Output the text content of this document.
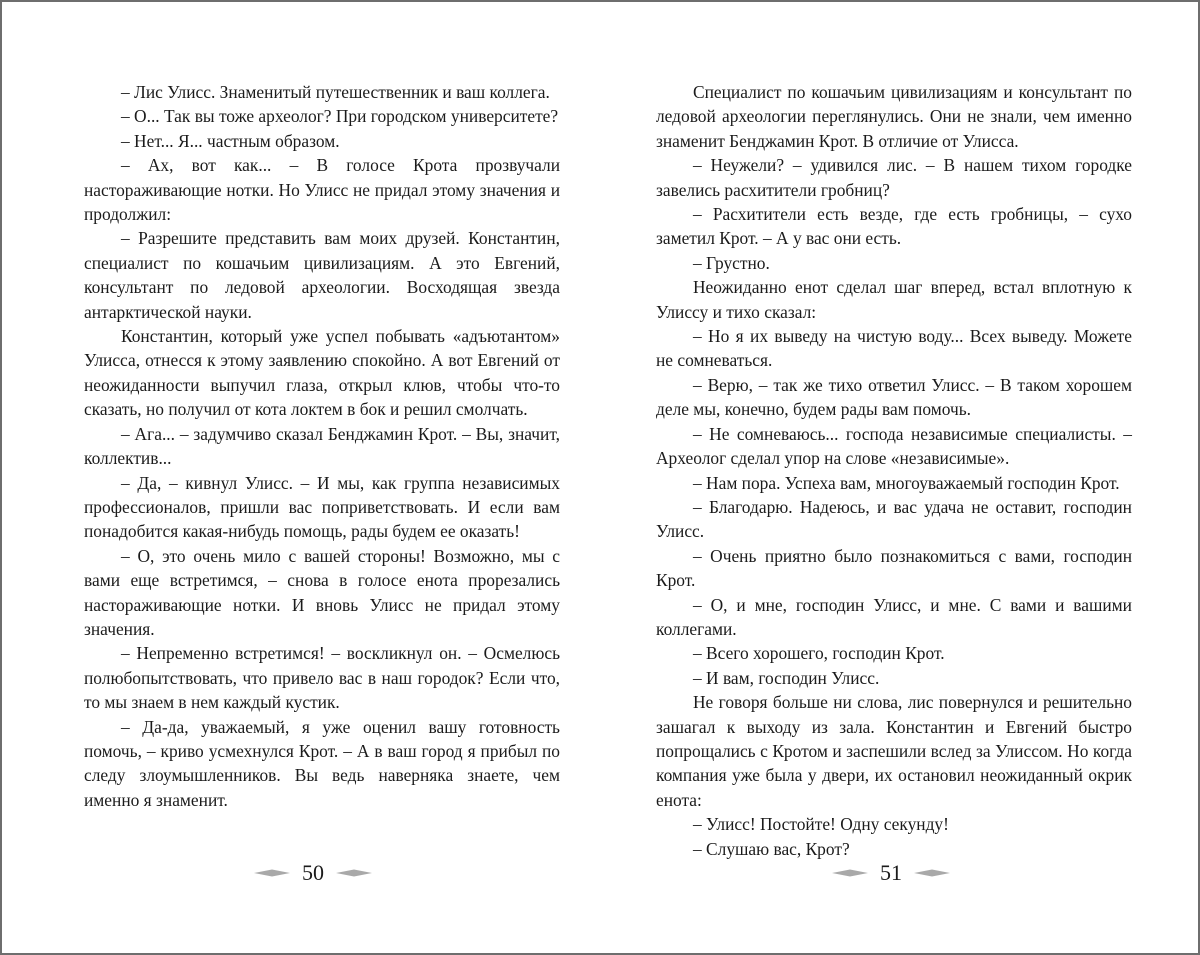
– Лис Улисс. Знаменитый путешественник и ваш коллега.

– О... Так вы тоже археолог? При городском университете?

– Нет... Я... частным образом.

– Ах, вот как... – В голосе Крота прозвучали настораживающие нотки. Но Улисс не придал этому значения и продолжил:

– Разрешите представить вам моих друзей. Константин, специалист по кошачьим цивилизациям. А это Евгений, консультант по ледовой археологии. Восходящая звезда антарктической науки.

Константин, который уже успел побывать «адъютантом» Улисса, отнесся к этому заявлению спокойно. А вот Евгений от неожиданности выпучил глаза, открыл клюв, чтобы что-то сказать, но получил от кота локтем в бок и решил смолчать.

– Ага... – задумчиво сказал Бенджамин Крот. – Вы, значит, коллектив...

– Да, – кивнул Улисс. – И мы, как группа независимых профессионалов, пришли вас поприветствовать. И если вам понадобится какая-нибудь помощь, рады будем ее оказать!

– О, это очень мило с вашей стороны! Возможно, мы с вами еще встретимся, – снова в голосе енота прорезались настораживающие нотки. И вновь Улисс не придал этому значения.

– Непременно встретимся! – воскликнул он. – Осмелюсь полюбопытствовать, что привело вас в наш городок? Если что, то мы знаем в нем каждый кустик.

– Да-да, уважаемый, я уже оценил вашу готовность помочь, – криво усмехнулся Крот. – А в ваш город я прибыл по следу злоумышленников. Вы ведь наверняка знаете, чем именно я знаменит.

50

Специалист по кошачьим цивилизациям и консультант по ледовой археологии переглянулись. Они не знали, чем именно знаменит Бенджамин Крот. В отличие от Улисса.

– Неужели? – удивился лис. – В нашем тихом городке завелись расхитители гробниц?

– Расхитители есть везде, где есть гробницы, – сухо заметил Крот. – А у вас они есть.

– Грустно.

Неожиданно енот сделал шаг вперед, встал вплотную к Улиссу и тихо сказал:

– Но я их выведу на чистую воду... Всех выведу. Можете не сомневаться.

– Верю, – так же тихо ответил Улисс. – В таком хорошем деле мы, конечно, будем рады вам помочь.

– Не сомневаюсь... господа независимые специалисты. – Археолог сделал упор на слове «независимые».

– Нам пора. Успеха вам, многоуважаемый господин Крот.

– Благодарю. Надеюсь, и вас удача не оставит, господин Улисс.

– Очень приятно было познакомиться с вами, господин Крот.

– О, и мне, господин Улисс, и мне. С вами и вашими коллегами.

– Всего хорошего, господин Крот.

– И вам, господин Улисс.

Не говоря больше ни слова, лис повернулся и решительно зашагал к выходу из зала. Константин и Евгений быстро попрощались с Кротом и заспешили вслед за Улиссом. Но когда компания уже была у двери, их остановил неожиданный окрик енота:

– Улисс! Постойте! Одну секунду!

– Слушаю вас, Крот?

51
